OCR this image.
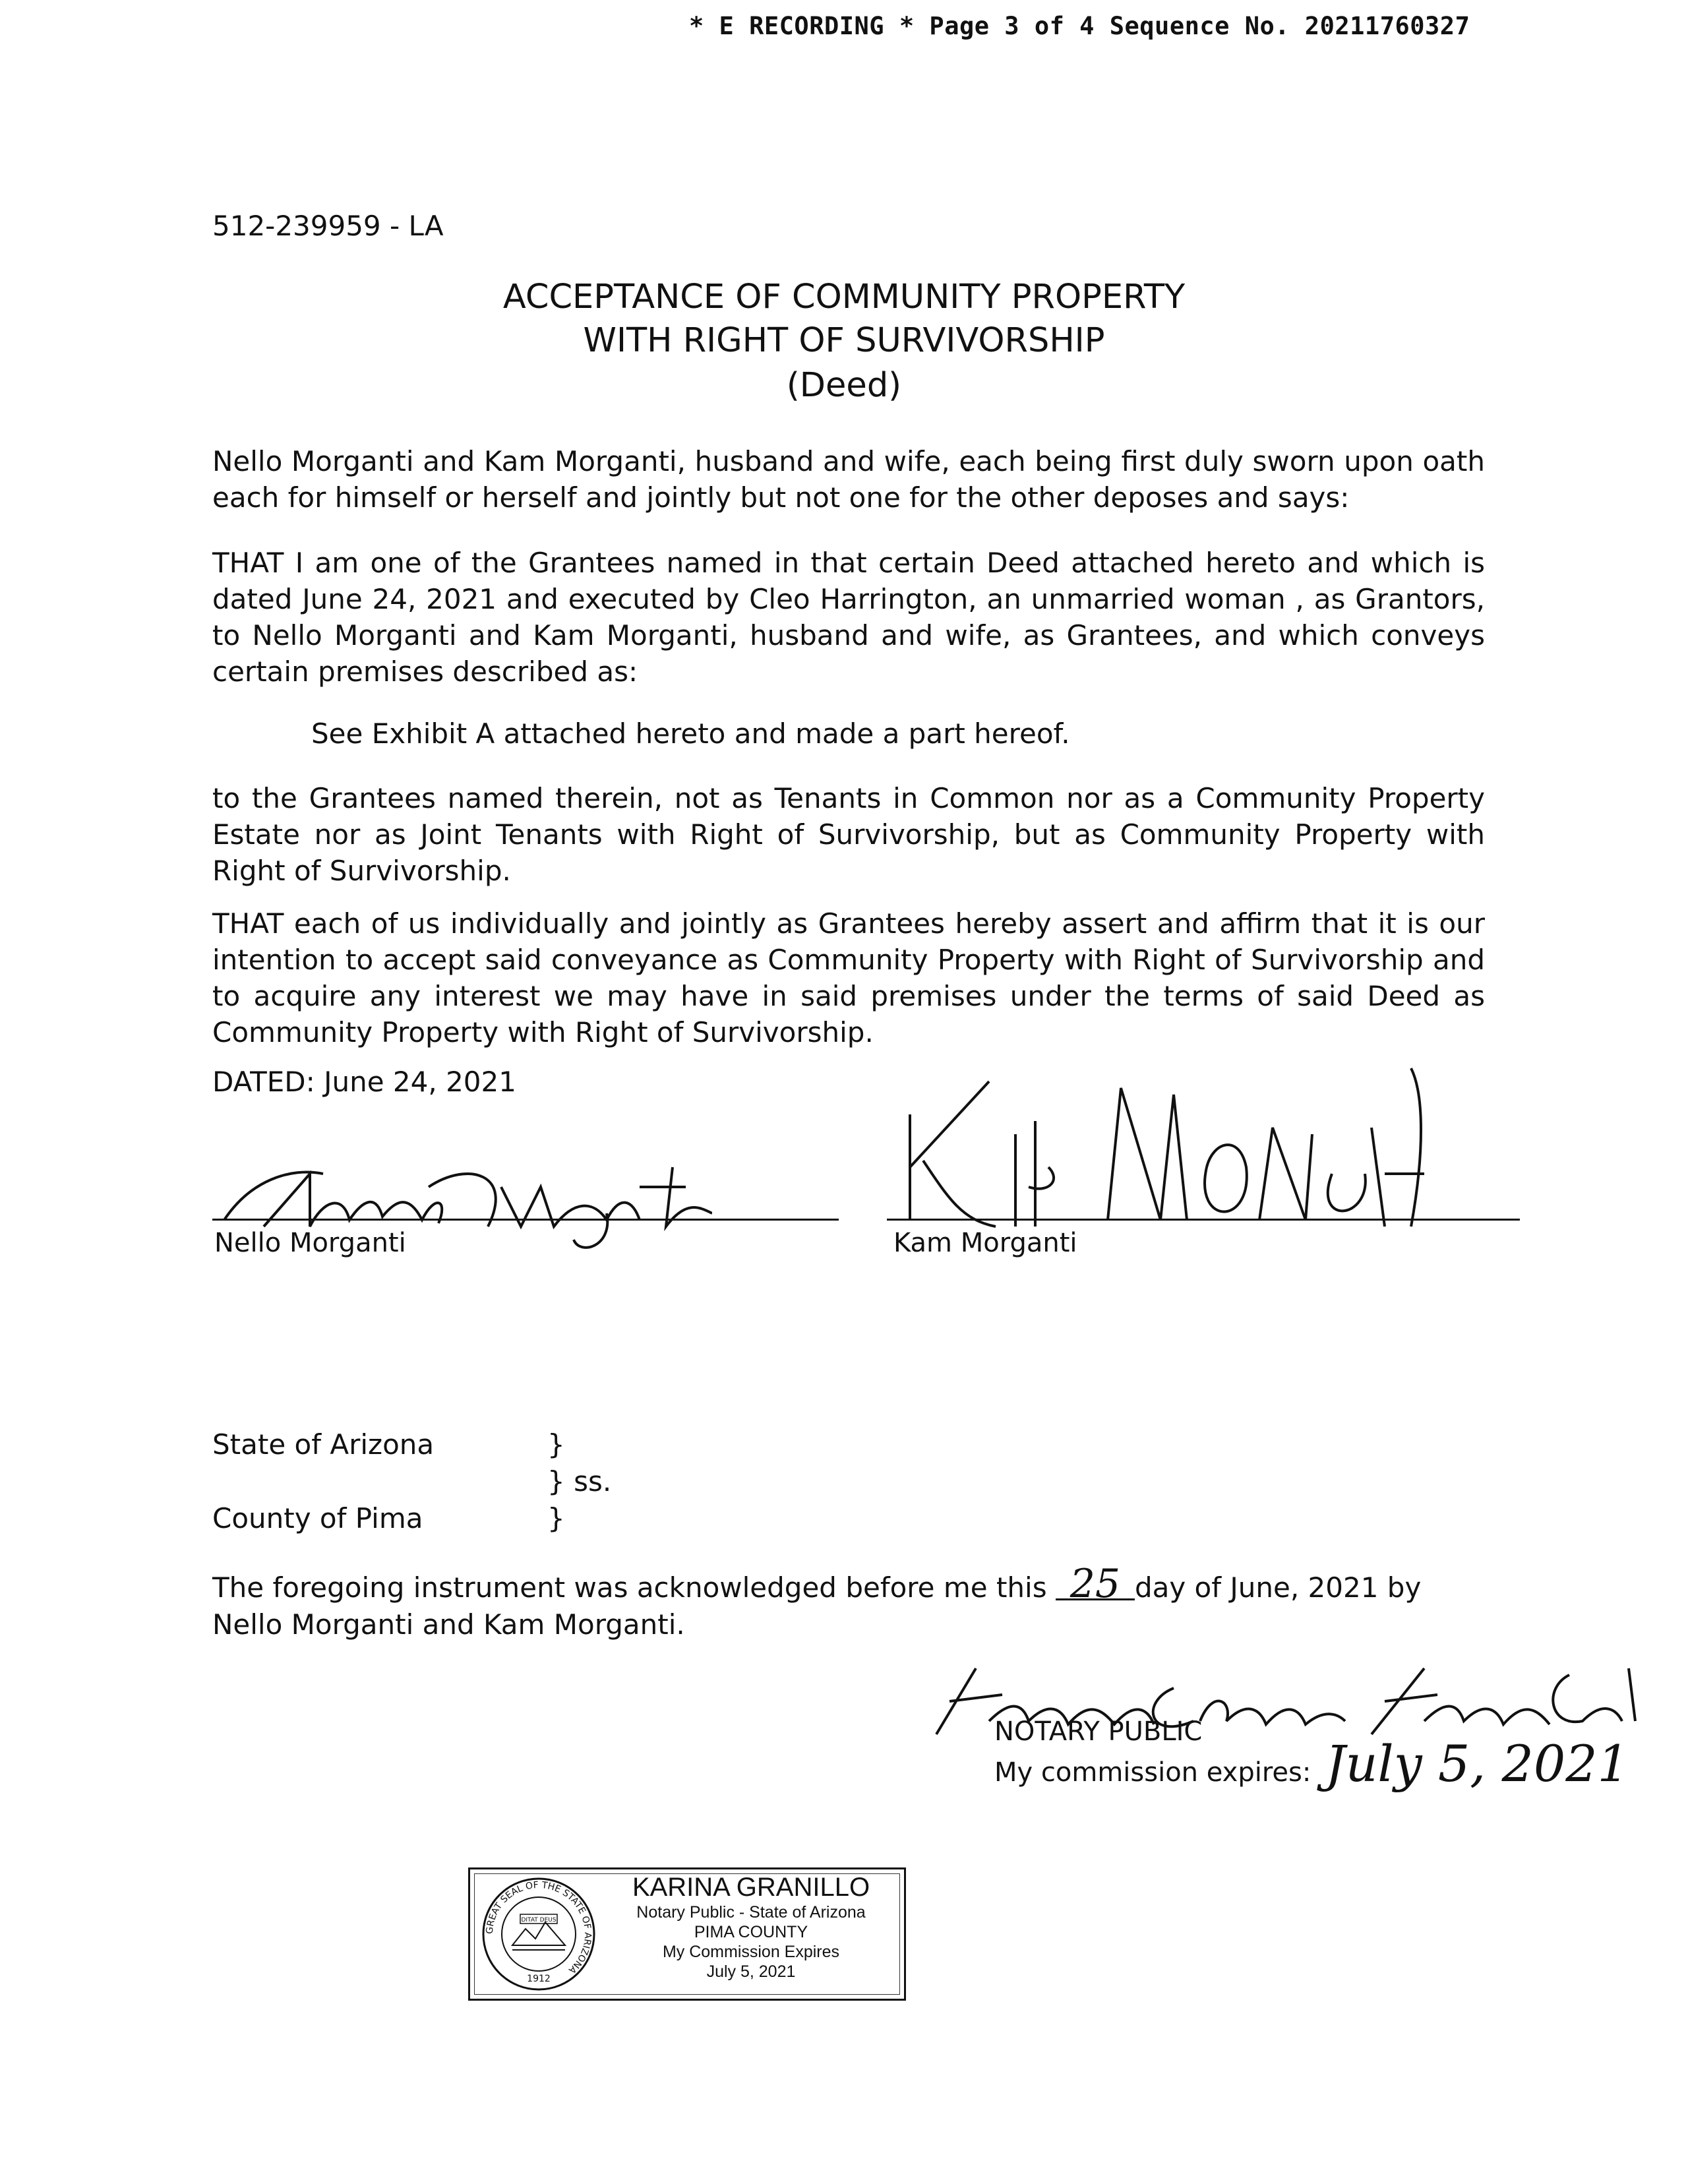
* E RECORDING * Page 3 of 4 Sequence No. 20211760327
512-239959 - LA
ACCEPTANCE OF COMMUNITY PROPERTY
WITH RIGHT OF SURVIVORSHIP
(Deed)
Nello Morganti and Kam Morganti, husband and wife, each being first duly sworn upon oath each for himself or herself and jointly but not one for the other deposes and says:
THAT I am one of the Grantees named in that certain Deed attached hereto and which is dated June 24, 2021 and executed by Cleo Harrington, an unmarried woman , as Grantors, to Nello Morganti and Kam Morganti, husband and wife, as Grantees, and which conveys certain premises described as:
See Exhibit A attached hereto and made a part hereof.
to the Grantees named therein, not as Tenants in Common nor as a Community Property Estate nor as Joint Tenants with Right of Survivorship, but as Community Property with Right of Survivorship.
THAT each of us individually and jointly as Grantees hereby assert and affirm that it is our intention to accept said conveyance as Community Property with Right of Survivorship and to acquire any interest we may have in said premises under the terms of said Deed as Community Property with Right of Survivorship.
DATED: June 24, 2021
Nello Morganti	Kam Morganti
State of Arizona	}
} ss.
County of Pima	}
The foregoing instrument was acknowledged before me this 25 day of June, 2021 by Nello Morganti and Kam Morganti.
NOTARY PUBLIC
My commission expires: July 5, 2021
GREAT SEAL OF THE STATE OF ARIZONA
DITAT DEUS
1912
KARINA GRANILLO
Notary Public - State of Arizona
PIMA COUNTY
My Commission Expires
July 5, 2021
